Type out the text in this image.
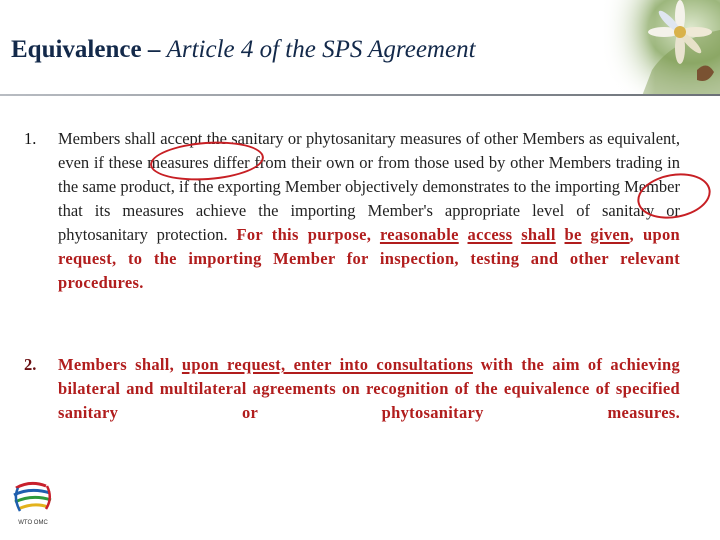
Equivalence – Article 4 of the SPS Agreement
1.	Members shall accept the sanitary or phytosanitary measures of other Members as equivalent, even if these measures differ from their own or from those used by other Members trading in the same product, if the exporting Member objectively demonstrates to the importing Member that its measures achieve the importing Member's appropriate level of sanitary or phytosanitary protection. For this purpose, reasonable access shall be given, upon request, to the importing Member for inspection, testing and other relevant procedures.
2.	Members shall, upon request, enter into consultations with the aim of achieving bilateral and multilateral agreements on recognition of the equivalence of specified sanitary or phytosanitary measures.
WTO OMC
